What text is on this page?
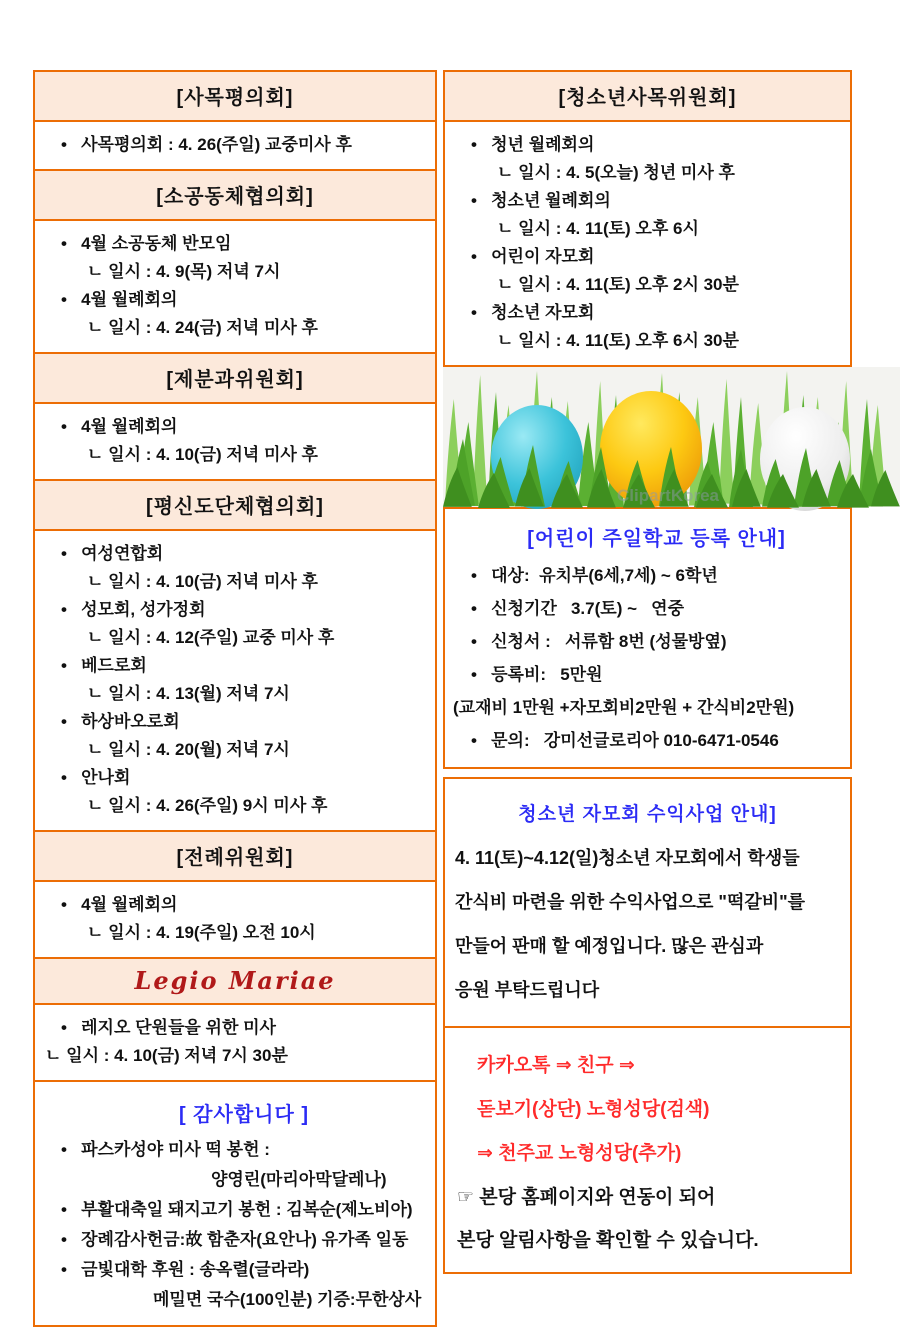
[사목평의회]
•   사목평의회 : 4. 26(주일) 교중미사 후
[소공동체협의회]
•   4월 소공동체 반모임
ㄴ 일시 : 4. 9(목) 저녁 7시
•   4월 월례회의
ㄴ 일시 : 4. 24(금) 저녁 미사 후
[제분과위원회]
•   4월 월례회의
ㄴ 일시 : 4. 10(금) 저녁 미사 후
[평신도단체협의회]
•   여성연합회
ㄴ 일시 : 4. 10(금) 저녁 미사 후
•   성모회, 성가정회
ㄴ 일시 : 4. 12(주일) 교중 미사 후
•   베드로회
ㄴ 일시 : 4. 13(월) 저녁 7시
•   하상바오로회
ㄴ 일시 : 4. 20(월) 저녁 7시
•   안나회
ㄴ 일시 : 4. 26(주일) 9시 미사 후
[전례위원회]
•   4월 월례회의
ㄴ 일시 : 4. 19(주일) 오전 10시
Legio Mariae
•   레지오 단원들을 위한 미사
ㄴ 일시 : 4. 10(금) 저녁 7시 30분
[ 감사합니다 ]
•   파스카성야 미사 떡 봉헌 :
양영린(마리아막달레나)
•   부활대축일 돼지고기 봉헌 : 김복순(제노비아)
•   장례감사헌금:故 함춘자(요안나) 유가족 일동
•   금빛대학 후원 : 송옥렬(글라라)
메밀면 국수(100인분) 기증:무한상사
[청소년사목위원회]
•   청년 월례회의
ㄴ 일시 : 4. 5(오늘) 청년 미사 후
•   청소년 월례회의
ㄴ 일시 : 4. 11(토) 오후 6시
•   어린이 자모회
ㄴ 일시 : 4. 11(토) 오후 2시 30분
•   청소년 자모회
ㄴ 일시 : 4. 11(토) 오후 6시 30분
ClipartKorea
[어린이 주일학교 등록 안내]
•   대상:  유치부(6세,7세) ~ 6학년
•   신청기간   3.7(토) ~   연중
•   신청서 :   서류함 8번 (성물방옆)
•   등록비:   5만원
(교재비 1만원 +자모회비2만원 + 간식비2만원)
•   문의:   강미선글로리아 010-6471-0546
청소년 자모회 수익사업 안내]
4. 11(토)~4.12(일)청소년 자모회에서 학생들
간식비 마련을 위한 수익사업으로 "떡갈비"를
만들어 판매 할 예정입니다. 많은 관심과
응원 부탁드립니다
카카오톡 ⇒ 친구 ⇒
돋보기(상단) 노형성당(검색)
⇒ 천주교 노형성당(추가)
☞ 본당 홈페이지와 연동이 되어
본당 알림사항을 확인할 수 있습니다.
